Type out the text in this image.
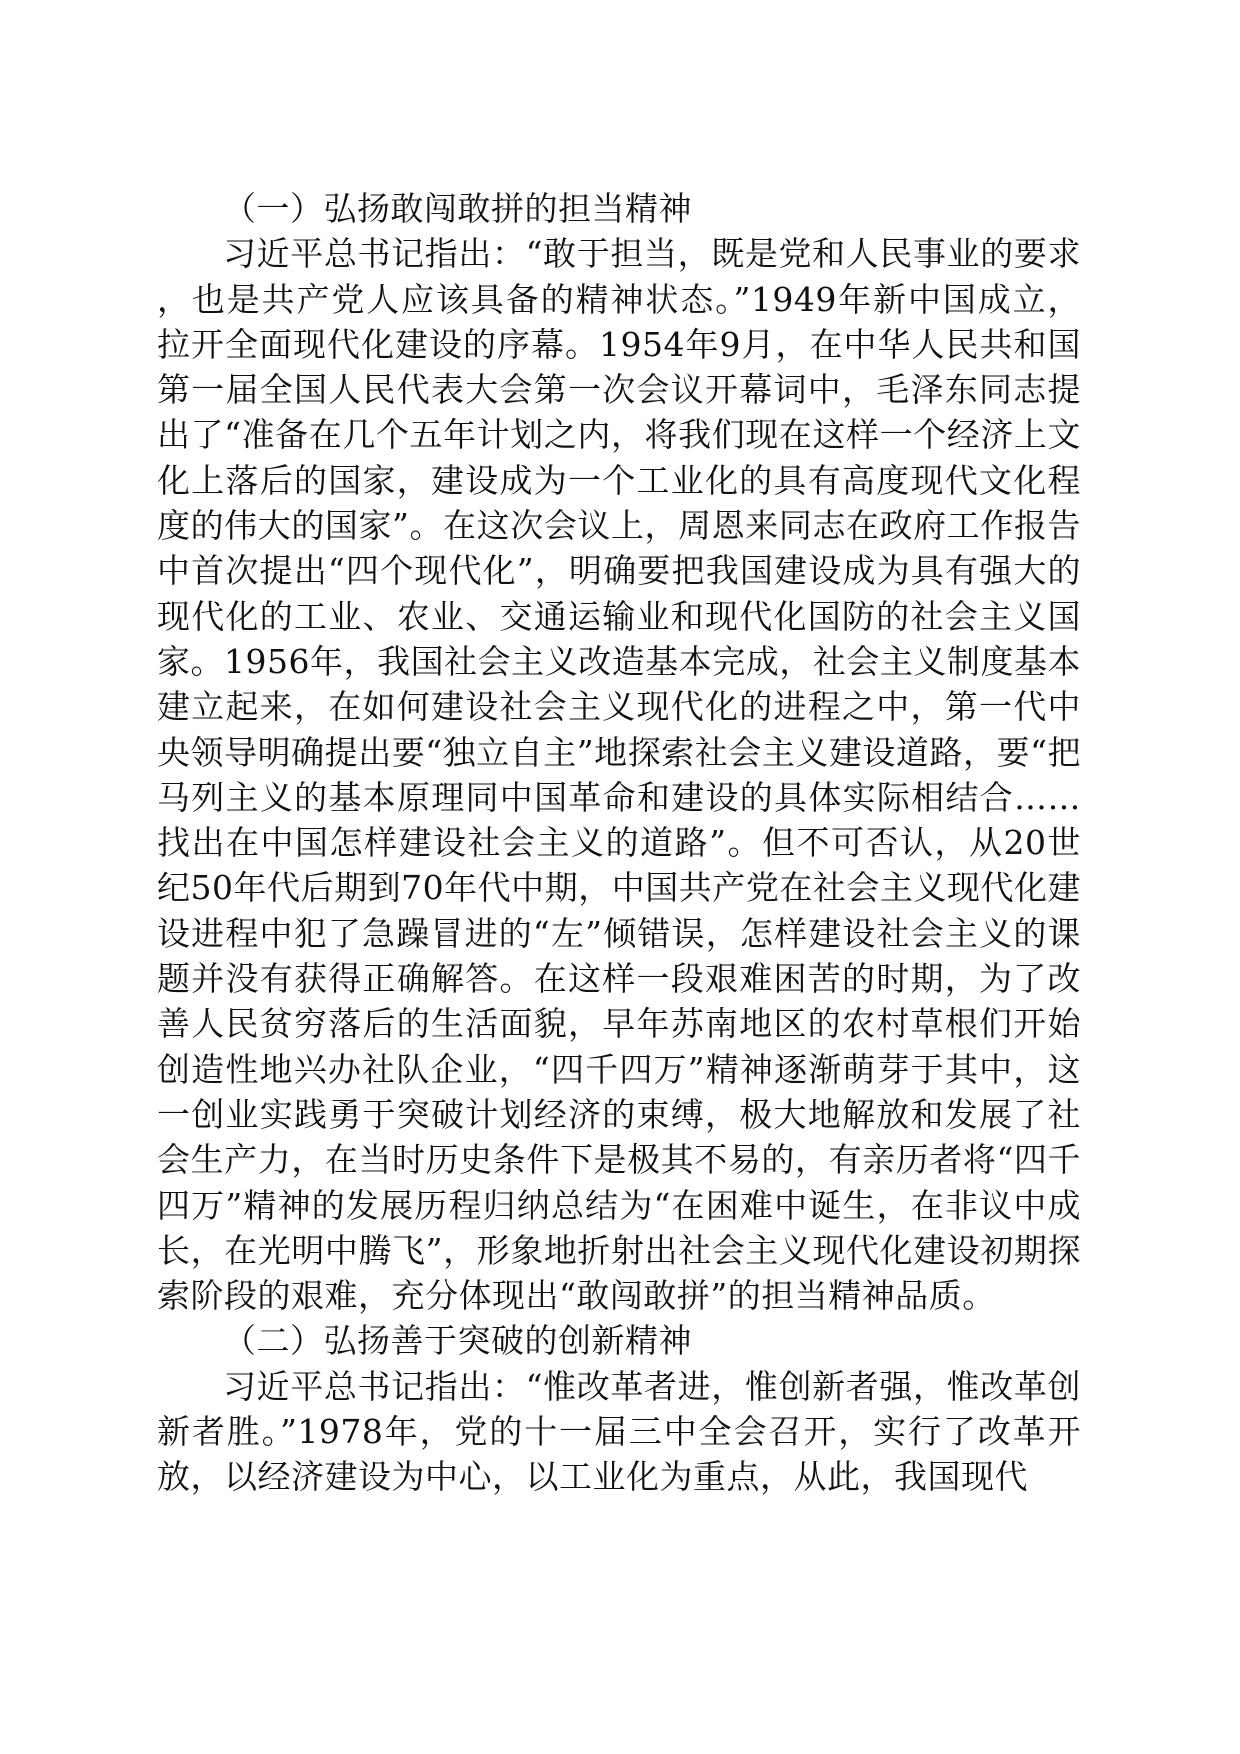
（一）弘扬敢闯敢拼的担当精神

习近平总书记指出：“敢于担当，既是党和人民事业的要求，也是共产党人应该具备的精神状态。”1949年新中国成立，拉开全面现代化建设的序幕。1954年9月，在中华人民共和国第一届全国人民代表大会第一次会议开幕词中，毛泽东同志提出了“准备在几个五年计划之内，将我们现在这样一个经济上文化上落后的国家，建设成为一个工业化的具有高度现代文化程度的伟大的国家”。在这次会议上，周恩来同志在政府工作报告中首次提出“四个现代化”，明确要把我国建设成为具有强大的现代化的工业、农业、交通运输业和现代化国防的社会主义国家。1956年，我国社会主义改造基本完成，社会主义制度基本建立起来，在如何建设社会主义现代化的进程之中，第一代中央领导明确提出要“独立自主”地探索社会主义建设道路，要“把马列主义的基本原理同中国革命和建设的具体实际相结合……找出在中国怎样建设社会主义的道路”。但不可否认，从20世纪50年代后期到70年代中期，中国共产党在社会主义现代化建设进程中犯了急躁冒进的“左”倾错误，怎样建设社会主义的课题并没有获得正确解答。在这样一段艰难困苦的时期，为了改善人民贫穷落后的生活面貌，早年苏南地区的农村草根们开始创造性地兴办社队企业，“四千四万”精神逐渐萌芽于其中，这一创业实践勇于突破计划经济的束缚，极大地解放和发展了社会生产力，在当时历史条件下是极其不易的，有亲历者将“四千四万”精神的发展历程归纳总结为“在困难中诞生，在非议中成长，在光明中腾飞”，形象地折射出社会主义现代化建设初期探索阶段的艰难，充分体现出“敢闯敢拼”的担当精神品质。

（二）弘扬善于突破的创新精神

习近平总书记指出：“惟改革者进，惟创新者强，惟改革创新者胜。”1978年，党的十一届三中全会召开，实行了改革开放，以经济建设为中心，以工业化为重点，从此，我国现代
